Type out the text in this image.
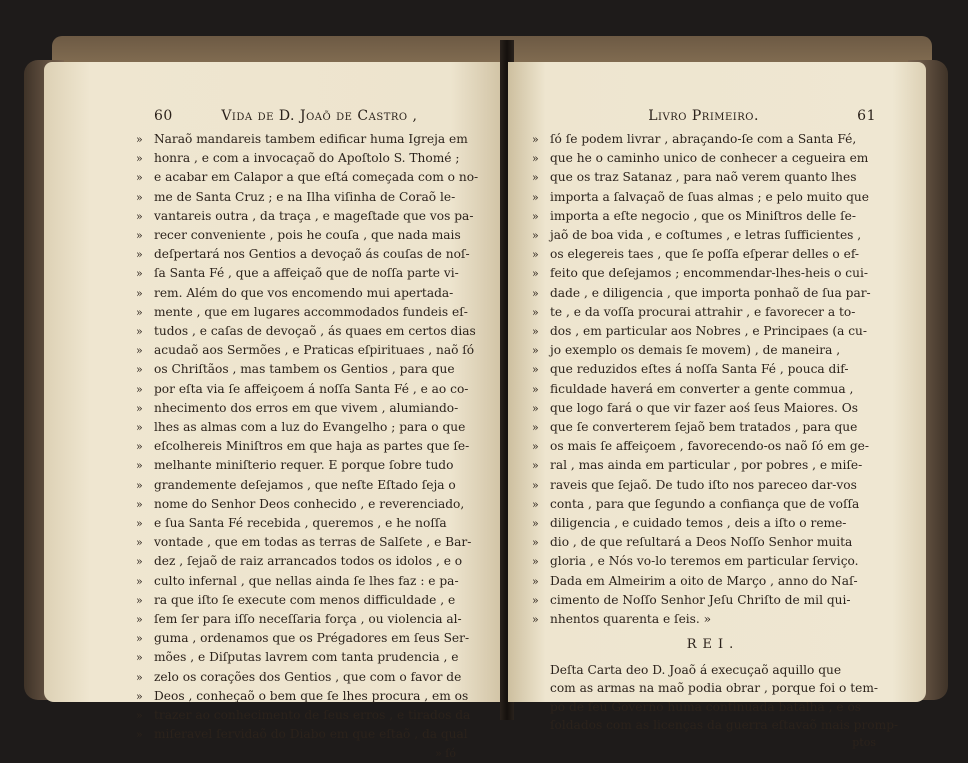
60	Vida de D. Joaõ de Castro ,
» Naraõ mandareis tambem edificar huma Igreja em
» honra , e com a invocaçaõ do Apoſtolo S. Thomé ;
» e acabar em Calapor a que eſtá começada com o no-
» me de Santa Cruz ; e na Ilha viſinha de Coraõ le-
» vantareis outra , da traça , e mageſtade que vos pa-
» recer conveniente , pois he couſa , que nada mais
» deſpertará nos Gentios a devoçaõ ás couſas de noſ-
» ſa Santa Fé , que a affeiçaõ que de noſſa parte vi-
» rem. Além do que vos encomendo mui apertada-
» mente , que em lugares accommodados fundeis eſ-
» tudos , e caſas de devoçaõ , ás quaes em certos dias
» acudaõ aos Sermões , e Praticas eſpirituaes , naõ ſó
» os Chriſtãos , mas tambem os Gentios , para que
» por eſta via ſe affeiçoem á noſſa Santa Fé , e ao co-
» nhecimento dos erros em que vivem , alumiando-
» lhes as almas com a luz do Evangelho ; para o que
» eſcolhereis Miniſtros em que haja as partes que ſe-
» melhante miniſterio requer. E porque ſobre tudo
» grandemente deſejamos , que neſte Eſtado ſeja o
» nome do Senhor Deos conhecido , e reverenciado,
» e ſua Santa Fé recebida , queremos , e he noſſa
» vontade , que em todas as terras de Salſete , e Bar-
» dez , ſejaõ de raiz arrancados todos os idolos , e o
» culto infernal , que nellas ainda ſe lhes faz : e pa-
» ra que iſto ſe execute com menos difficuldade , e
» ſem ſer para iſſo neceſſaria força , ou violencia al-
» guma , ordenamos que os Prégadores em ſeus Ser-
» mões , e Diſputas lavrem com tanta prudencia , e
» zelo os corações dos Gentios , que com o favor de
» Deos , conheçaõ o bem que ſe lhes procura , em os
» trazer ao conhecimento de ſeus erros , e tirados da
» miſeravel ſervidaõ do Diabo em que eſtaõ , da qual
» ſó
Livro Primeiro.	61
» ſó ſe podem livrar , abraçando-ſe com a Santa Fé,
» que he o caminho unico de conhecer a cegueira em
» que os traz Satanaz , para naõ verem quanto lhes
» importa a ſalvaçaõ de ſuas almas ; e pelo muito que
» importa a eſte negocio , que os Miniſtros delle ſe-
» jaõ de boa vida , e coſtumes , e letras ſufficientes ,
» os elegereis taes , que ſe poſſa eſperar delles o ef-
» feito que deſejamos ; encommendar-lhes-heis o cui-
» dade , e diligencia , que importa ponhaõ de ſua par-
» te , e da voſſa procurai attrahir , e favorecer a to-
» dos , em particular aos Nobres , e Principaes (a cu-
» jo exemplo os demais ſe movem) , de maneira ,
» que reduzidos eſtes á noſſa Santa Fé , pouca dif-
» ficuldade haverá em converter a gente commua ,
» que logo fará o que vir fazer aoś ſeus Maiores. Os
» que ſe converterem ſejaõ bem tratados , para que
» os mais ſe affeiçoem , favorecendo-os naõ ſó em ge-
» ral , mas ainda em particular , por pobres , e miſe-
» raveis que ſejaõ. De tudo iſto nos pareceo dar-vos
» conta , para que ſegundo a confiança que de voſſa
» diligencia , e cuidado temos , deis a iſto o reme-
» dio , de que reſultará a Deos Noſſo Senhor muita
» gloria , e Nós vo-lo teremos em particular ſerviço.
» Dada em Almeirim a oito de Março , anno do Naſ-
» cimento de Noſſo Senhor Jeſu Chriſto de mil qui-
» nhentos quarenta e ſeis. »
REI.
Deſta Carta deo D. Joaõ á execuçaõ aquillo que
com as armas na maõ podia obrar , porque foi o tem-
po de ſeu Governo huma continuada batalha , e os
ſoldados com as licenças da guerra eſtavaõ mais promp-
ptos
